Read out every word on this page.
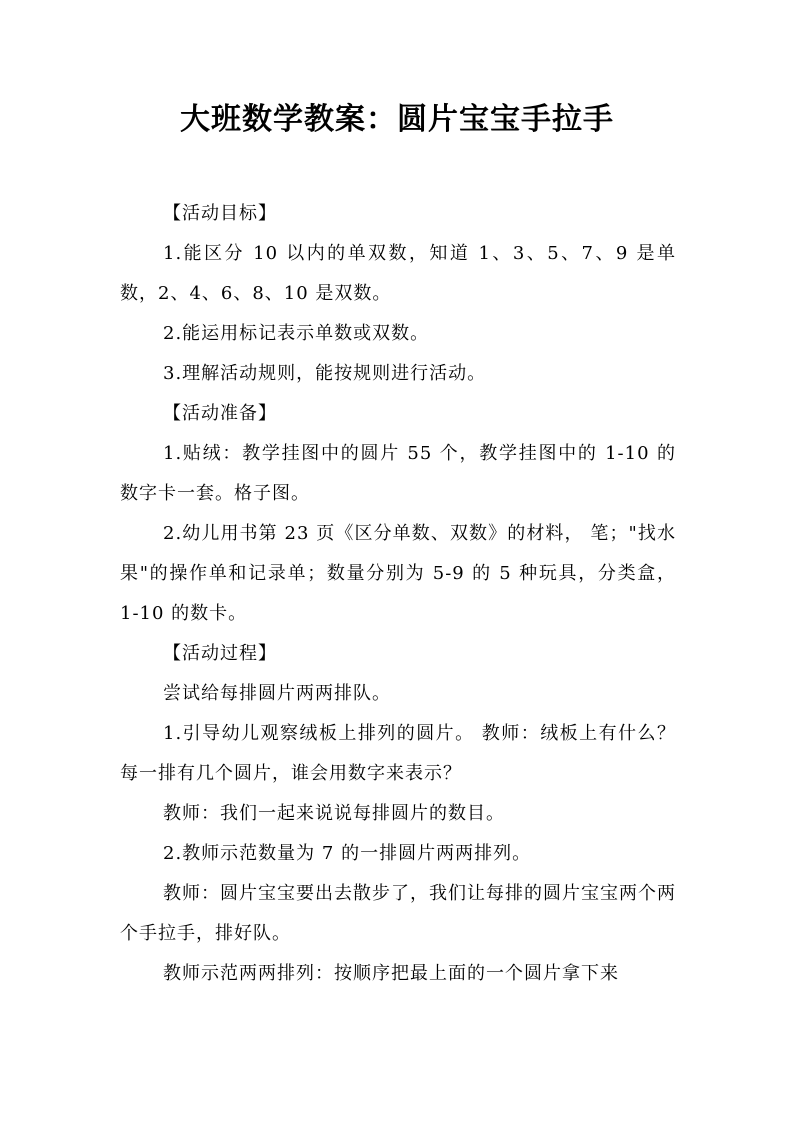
大班数学教案：圆片宝宝手拉手

【活动目标】

1.能区分 10 以内的单双数，知道 1、3、5、7、9 是单数，2、4、6、8、10 是双数。

2.能运用标记表示单数或双数。

3.理解活动规则，能按规则进行活动。

【活动准备】

1.贴绒：教学挂图中的圆片 55 个，教学挂图中的 1-10 的数字卡一套。格子图。

2.幼儿用书第 23 页《区分单数、双数》的材料， 笔；"找水果"的操作单和记录单；数量分别为 5-9 的 5 种玩具，分类盒，1-10 的数卡。

【活动过程】

尝试给每排圆片两两排队。

1.引导幼儿观察绒板上排列的圆片。 教师：绒板上有什么？每一排有几个圆片，谁会用数字来表示？

教师：我们一起来说说每排圆片的数目。

2.教师示范数量为 7 的一排圆片两两排列。

教师：圆片宝宝要出去散步了，我们让每排的圆片宝宝两个两个手拉手，排好队。

教师示范两两排列：按顺序把最上面的一个圆片拿下来
